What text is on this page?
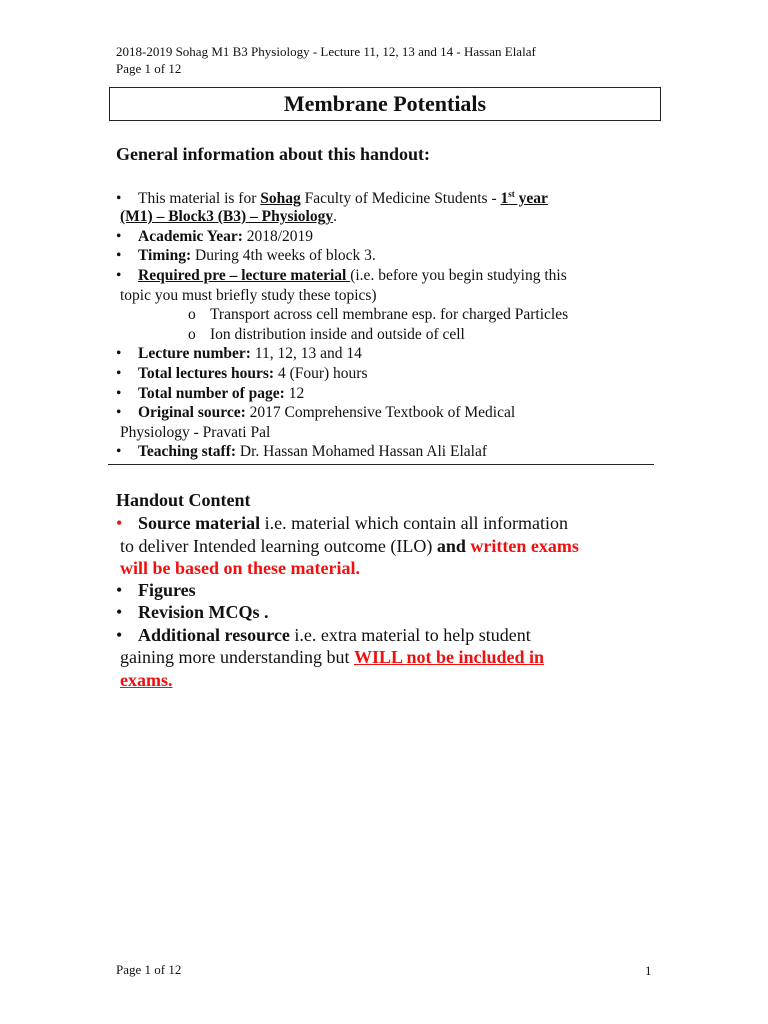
2018-2019 Sohag M1 B3 Physiology - Lecture 11, 12, 13 and 14 - Hassan Elalaf
Page 1 of 12
Membrane Potentials
General information about this handout:
• This material is for Sohag Faculty of Medicine Students - 1st year
(M1) – Block3 (B3) – Physiology.
• Academic Year: 2018/2019
• Timing: During 4th weeks of block 3.
• Required pre – lecture material (i.e. before you begin studying this
topic you must briefly study these topics)
o Transport across cell membrane esp. for charged Particles
o Ion distribution inside and outside of cell
• Lecture number: 11, 12, 13 and 14
• Total lectures hours: 4 (Four) hours
• Total number of page: 12
• Original source: 2017 Comprehensive Textbook of Medical
Physiology - Pravati Pal
• Teaching staff: Dr. Hassan Mohamed Hassan Ali Elalaf
Handout Content
• Source material i.e. material which contain all information
to deliver Intended learning outcome (ILO) and written exams
will be based on these material.
• Figures
• Revision MCQs .
• Additional resource i.e. extra material to help student
gaining more understanding but WILL not be included in
exams.
Page 1 of 12	1
